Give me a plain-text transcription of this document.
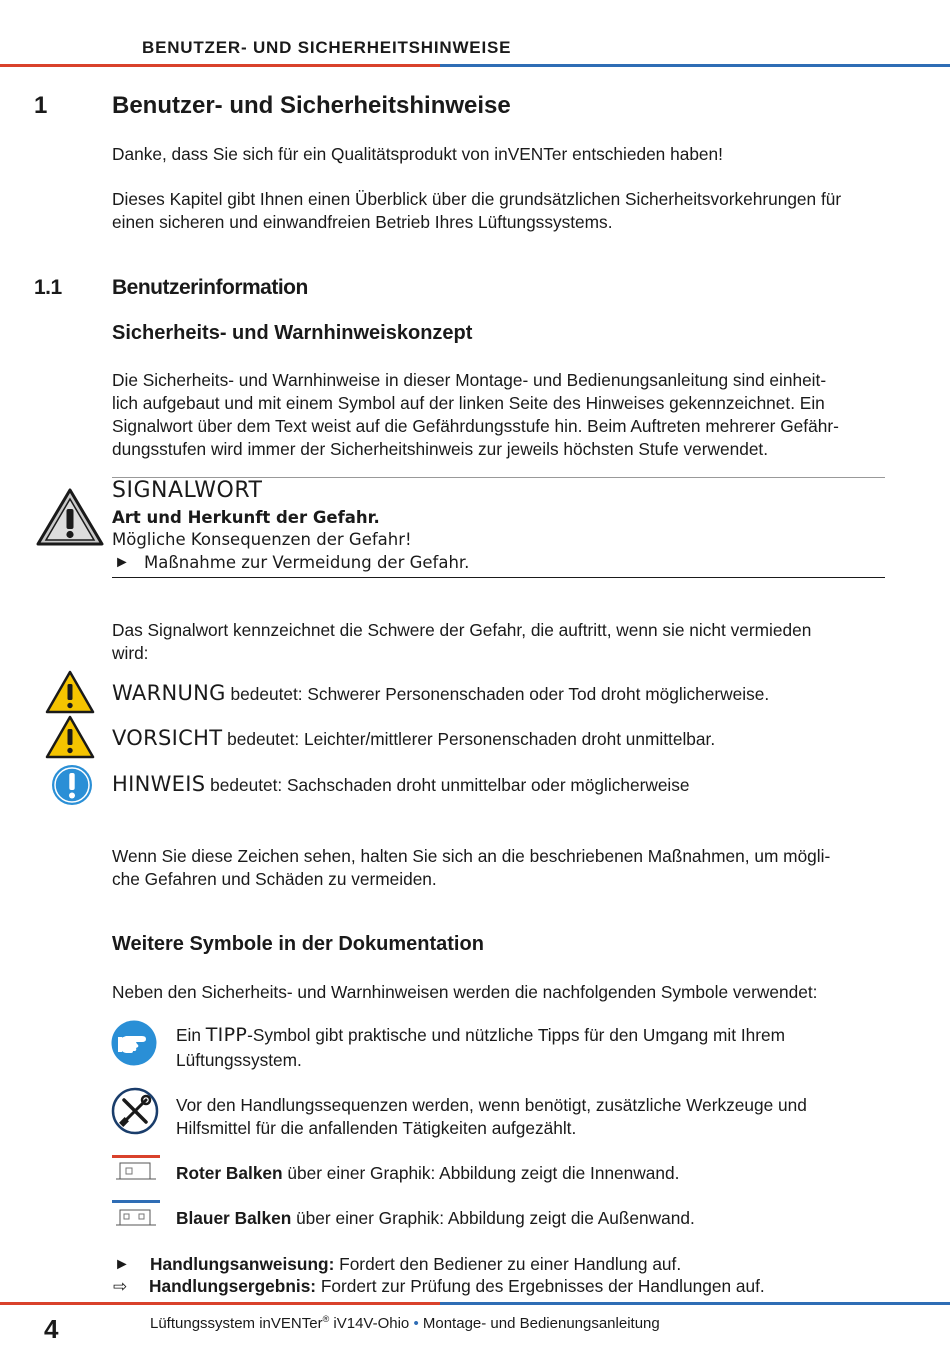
BENUTZER- UND SICHERHEITSHINWEISE
1	Benutzer- und Sicherheitshinweise
Danke, dass Sie sich für ein Qualitätsprodukt von inVENTer entschieden haben!
Dieses Kapitel gibt Ihnen einen Überblick über die grundsätzlichen Sicherheitsvorkehrungen für
einen sicheren und einwandfreien Betrieb Ihres Lüftungssystems.
1.1 Benutzerinformation
Sicherheits- und Warnhinweiskonzept
Die Sicherheits- und Warnhinweise in dieser Montage- und Bedienungsanleitung sind einheit-
lich aufgebaut und mit einem Symbol auf der linken Seite des Hinweises gekennzeichnet. Ein
Signalwort über dem Text weist auf die Gefährdungsstufe hin. Beim Auftreten mehrerer Gefähr-
dungsstufen wird immer der Sicherheitshinweis zur jeweils höchsten Stufe verwendet.
SIGNALWORT
Art und Herkunft der Gefahr.
Mögliche Konsequenzen der Gefahr!
► Maßnahme zur Vermeidung der Gefahr.
Das Signalwort kennzeichnet die Schwere der Gefahr, die auftritt, wenn sie nicht vermieden
wird:
WARNUNG bedeutet: Schwerer Personenschaden oder Tod droht möglicherweise.
VORSICHT bedeutet: Leichter/mittlerer Personenschaden droht unmittelbar.
HINWEIS bedeutet: Sachschaden droht unmittelbar oder möglicherweise
Wenn Sie diese Zeichen sehen, halten Sie sich an die beschriebenen Maßnahmen, um mögli-
che Gefahren und Schäden zu vermeiden.
Weitere Symbole in der Dokumentation
Neben den Sicherheits- und Warnhinweisen werden die nachfolgenden Symbole verwendet:
Ein TIPP-Symbol gibt praktische und nützliche Tipps für den Umgang mit Ihrem
Lüftungssystem.
Vor den Handlungssequenzen werden, wenn benötigt, zusätzliche Werkzeuge und
Hilfsmittel für die anfallenden Tätigkeiten aufgezählt.
Roter Balken über einer Graphik: Abbildung zeigt die Innenwand.
Blauer Balken über einer Graphik: Abbildung zeigt die Außenwand.
► Handlungsanweisung: Fordert den Bediener zu einer Handlung auf.
⇨ Handlungsergebnis: Fordert zur Prüfung des Ergebnisses der Handlungen auf.
4	Lüftungssystem inVENTer® iV14V-Ohio • Montage- und Bedienungsanleitung
